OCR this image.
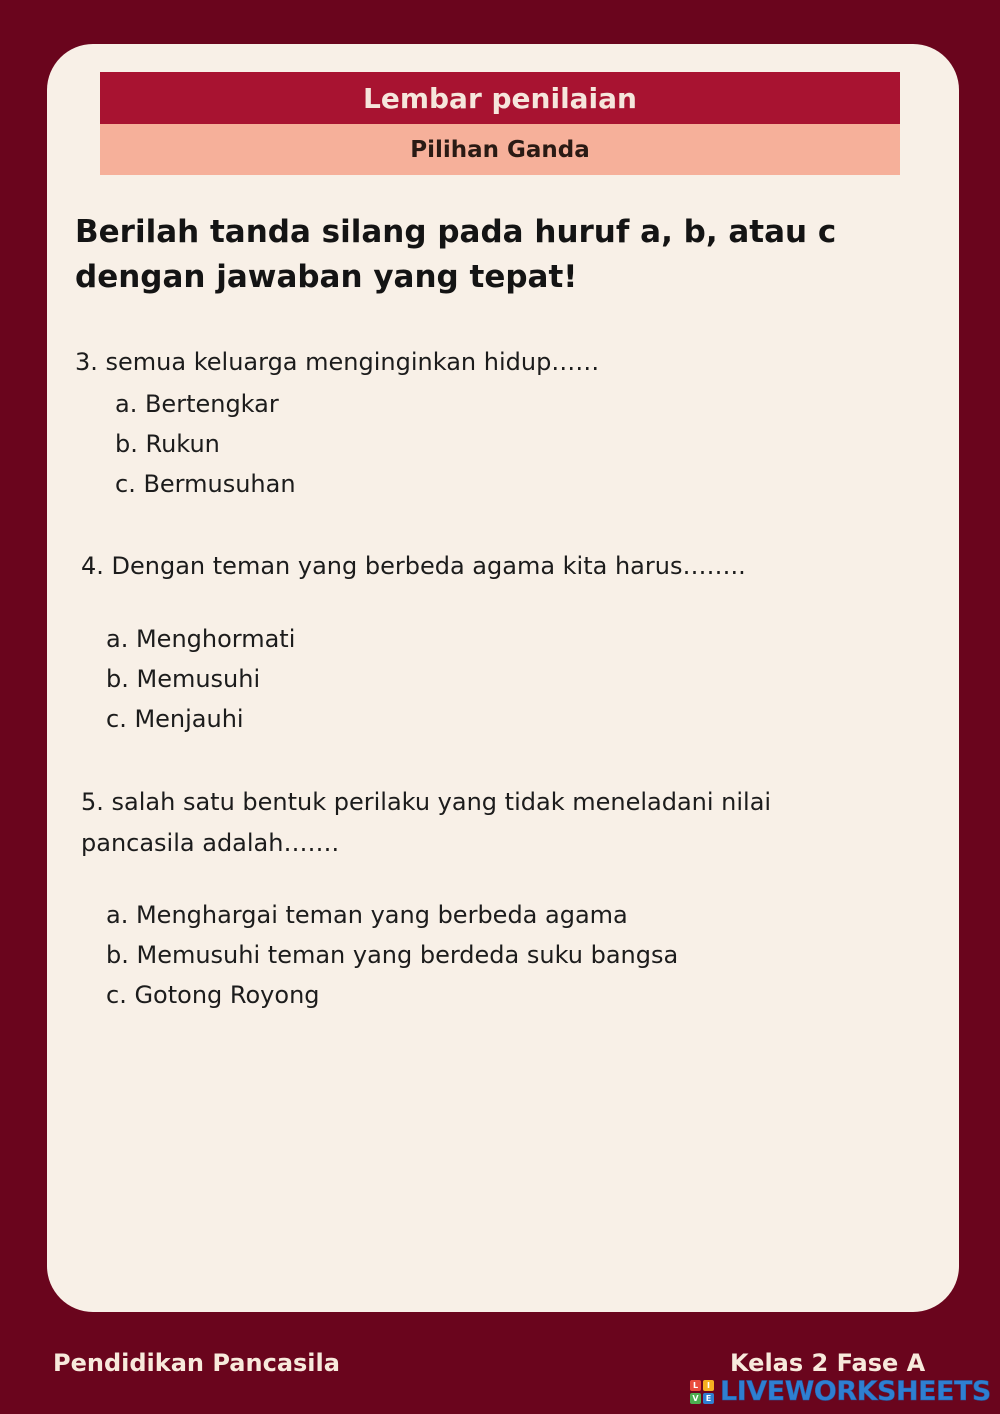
Lembar penilaian
Pilihan Ganda
Berilah tanda silang pada huruf a, b, atau c dengan jawaban yang tepat!
3. semua keluarga menginginkan hidup……
a. Bertengkar
b. Rukun
c. Bermusuhan
4. Dengan teman yang berbeda agama kita harus……..
a. Menghormati
b. Memusuhi
c. Menjauhi
5. salah satu bentuk perilaku yang tidak meneladani nilai pancasila adalah…….
a. Menghargai teman yang berbeda agama
b. Memusuhi teman yang berdeda suku bangsa
c. Gotong Royong
Pendidikan Pancasila	Kelas 2 Fase A
L	I
V E LIVEWORKSHEETS
